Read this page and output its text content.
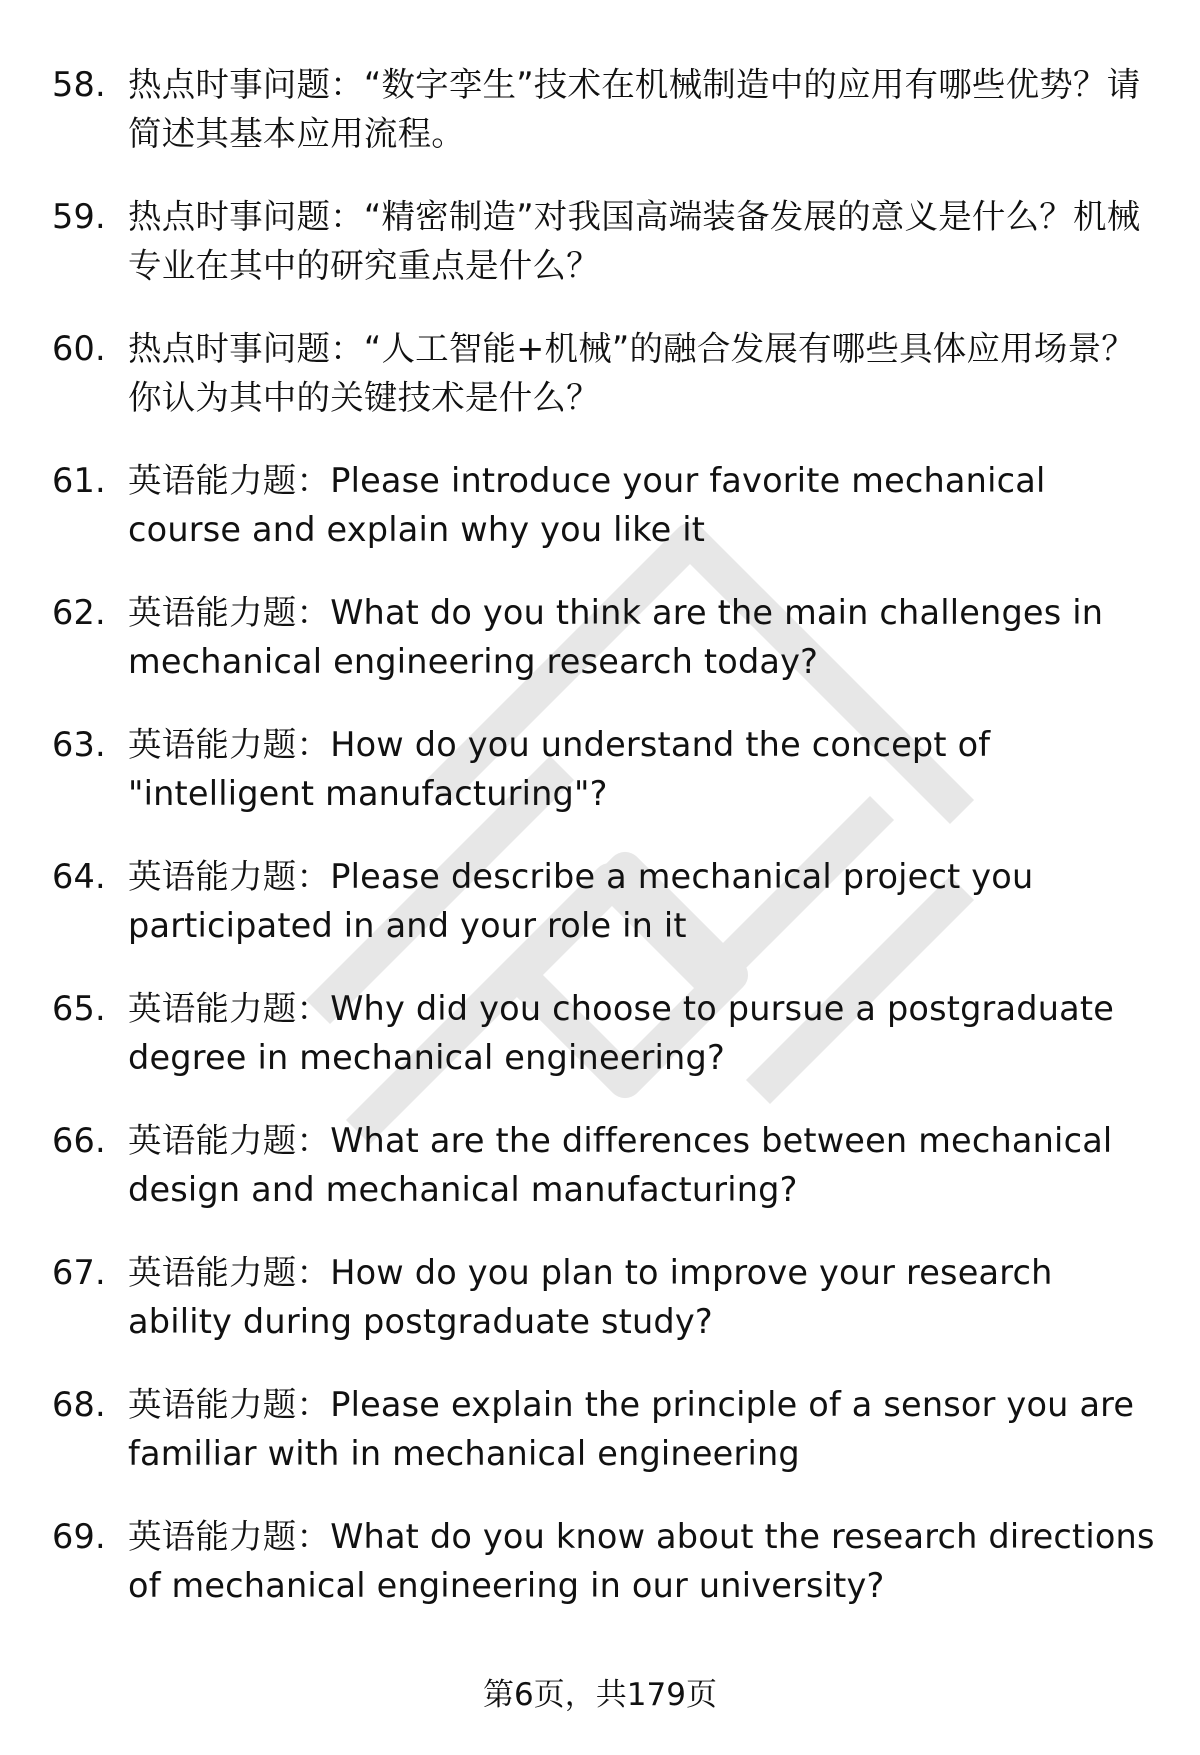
58. 热点时事问题：“数字孪生”技术在机械制造中的应用有哪些优势？请简述其基本应用流程。
59. 热点时事问题：“精密制造”对我国高端装备发展的意义是什么？机械专业在其中的研究重点是什么？
60. 热点时事问题：“人工智能+机械”的融合发展有哪些具体应用场景？你认为其中的关键技术是什么？
61. 英语能力题：Please introduce your favorite mechanical course and explain why you like it
62. 英语能力题：What do you think are the main challenges in mechanical engineering research today?
63. 英语能力题：How do you understand the concept of "intelligent manufacturing"?
64. 英语能力题：Please describe a mechanical project you participated in and your role in it
65. 英语能力题：Why did you choose to pursue a postgraduate degree in mechanical engineering?
66. 英语能力题：What are the differences between mechanical design and mechanical manufacturing?
67. 英语能力题：How do you plan to improve your research ability during postgraduate study?
68. 英语能力题：Please explain the principle of a sensor you are familiar with in mechanical engineering
69. 英语能力题：What do you know about the research directions of mechanical engineering in our university?
第6页，共179页
